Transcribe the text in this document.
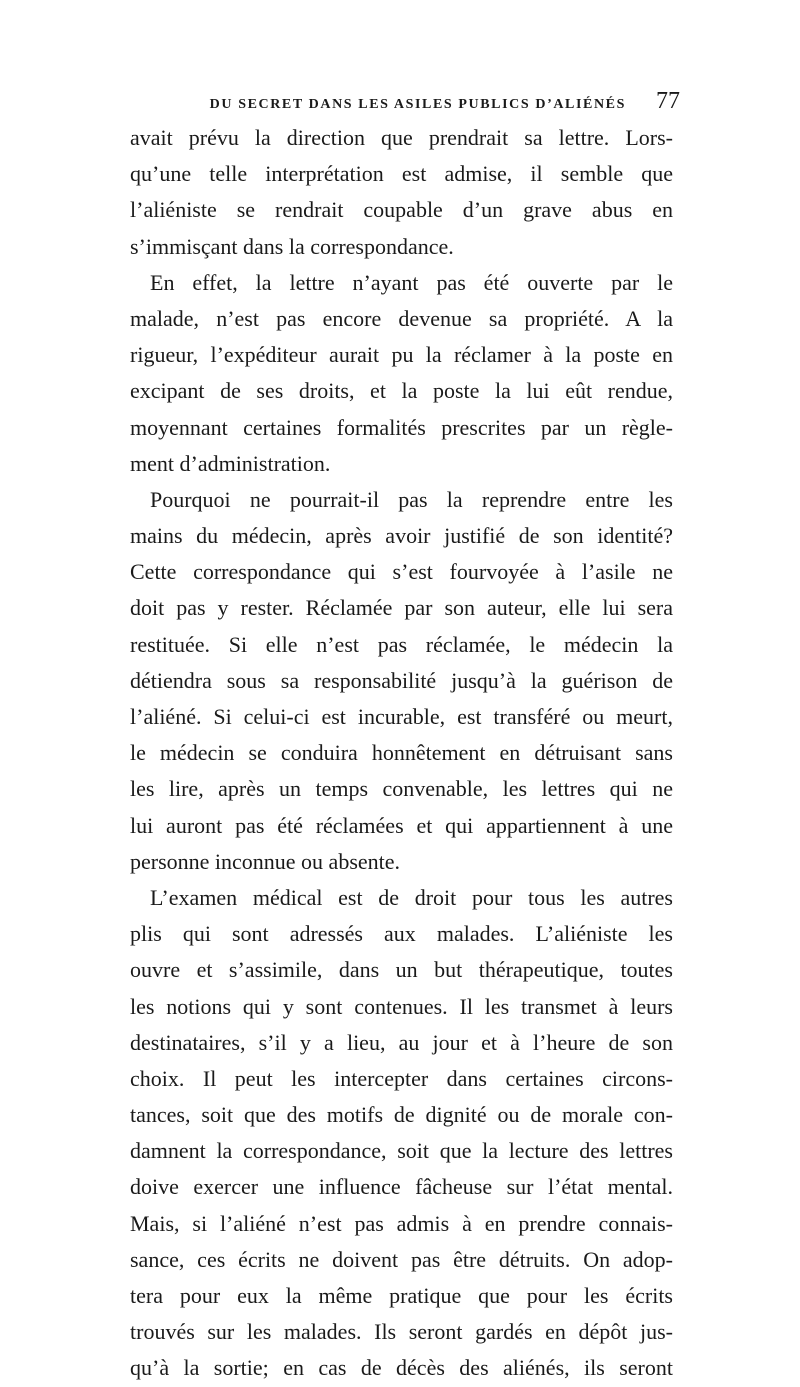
DU SECRET DANS LES ASILES PUBLICS D’ALIÉNÉS 77
avait prévu la direction que prendrait sa lettre. Lors-
qu’une telle interprétation est admise, il semble que
l’aliéniste se rendrait coupable d’un grave abus en
s’immisçant dans la correspondance.
En effet, la lettre n’ayant pas été ouverte par le
malade, n’est pas encore devenue sa propriété. A la
rigueur, l’expéditeur aurait pu la réclamer à la poste en
excipant de ses droits, et la poste la lui eût rendue,
moyennant certaines formalités prescrites par un règle-
ment d’administration.
Pourquoi ne pourrait-il pas la reprendre entre les
mains du médecin, après avoir justifié de son identité?
Cette correspondance qui s’est fourvoyée à l’asile ne
doit pas y rester. Réclamée par son auteur, elle lui sera
restituée. Si elle n’est pas réclamée, le médecin la
détiendra sous sa responsabilité jusqu’à la guérison de
l’aliéné. Si celui-ci est incurable, est transféré ou meurt,
le médecin se conduira honnêtement en détruisant sans
les lire, après un temps convenable, les lettres qui ne
lui auront pas été réclamées et qui appartiennent à une
personne inconnue ou absente.
L’examen médical est de droit pour tous les autres
plis qui sont adressés aux malades. L’aliéniste les
ouvre et s’assimile, dans un but thérapeutique, toutes
les notions qui y sont contenues. Il les transmet à leurs
destinataires, s’il y a lieu, au jour et à l’heure de son
choix. Il peut les intercepter dans certaines circons-
tances, soit que des motifs de dignité ou de morale con-
damnent la correspondance, soit que la lecture des lettres
doive exercer une influence fâcheuse sur l’état mental.
Mais, si l’aliéné n’est pas admis à en prendre connais-
sance, ces écrits ne doivent pas être détruits. On adop-
tera pour eux la même pratique que pour les écrits
trouvés sur les malades. Ils seront gardés en dépôt jus-
qu’à la sortie; en cas de décès des aliénés, ils seront
